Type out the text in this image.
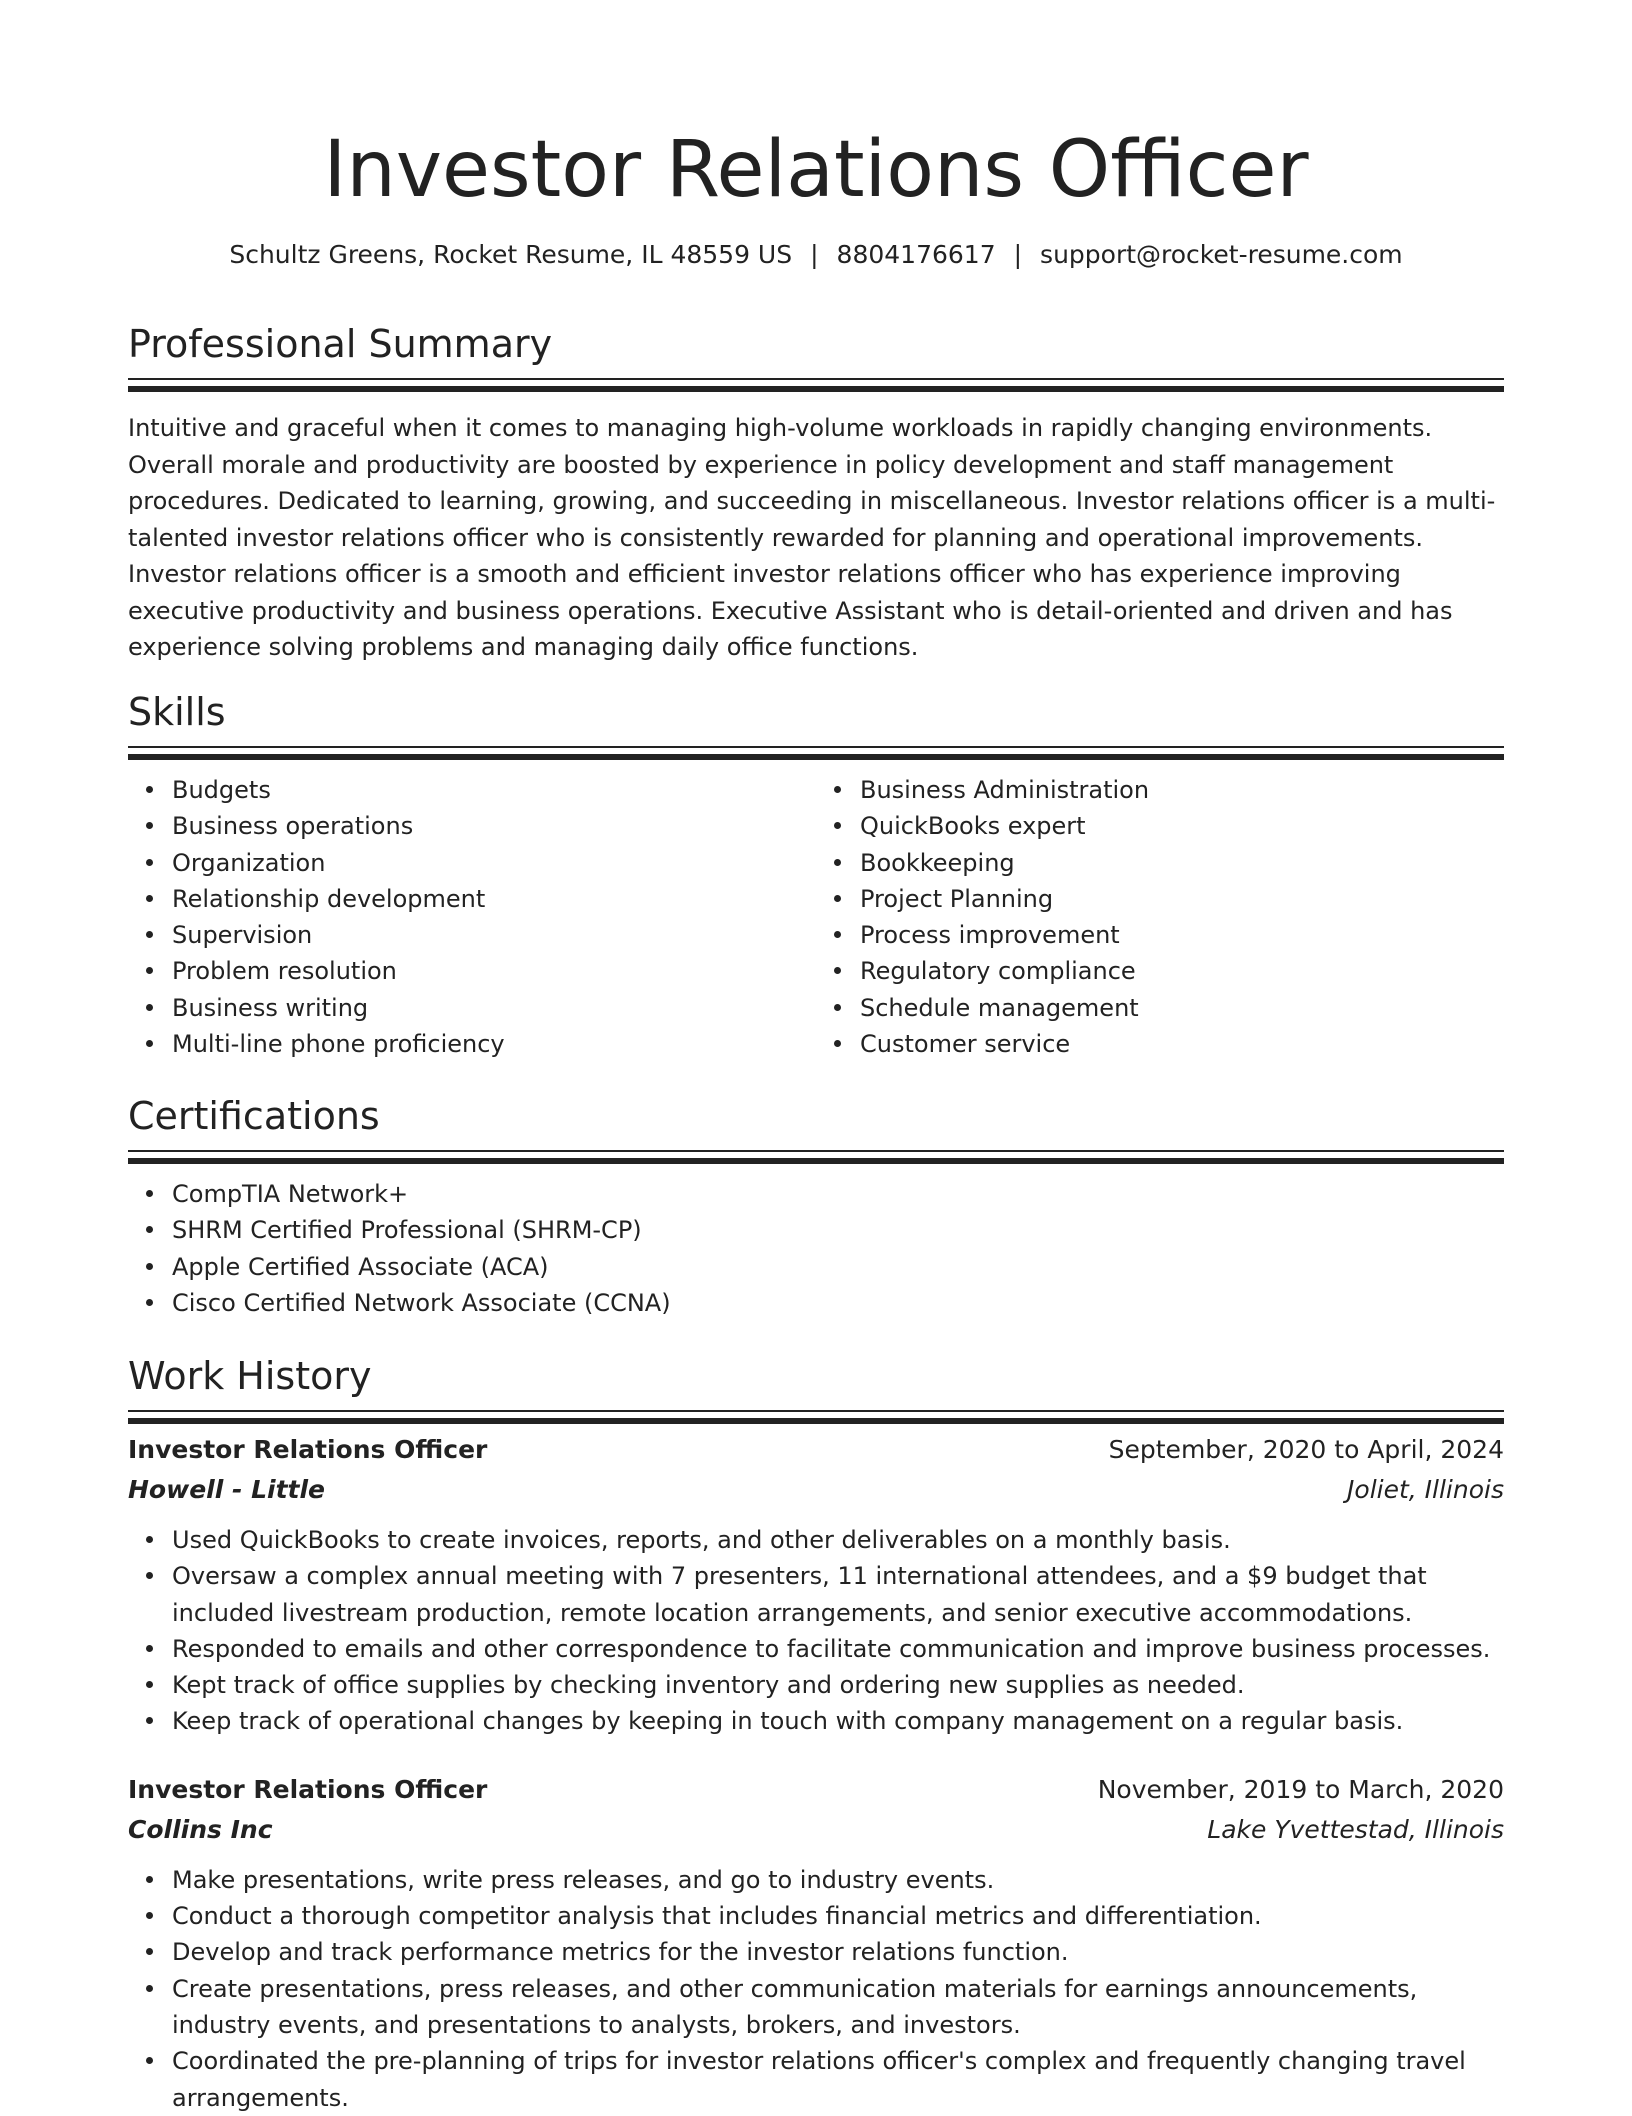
Investor Relations Officer
Schultz Greens, Rocket Resume, IL 48559 US | 8804176617 | support@rocket-resume.com
Professional Summary

Intuitive and graceful when it comes to managing high-volume workloads in rapidly changing environments. Overall morale and productivity are boosted by experience in policy development and staff management procedures. Dedicated to learning, growing, and succeeding in miscellaneous. Investor relations officer is a multi-talented investor relations officer who is consistently rewarded for planning and operational improvements. Investor relations officer is a smooth and efficient investor relations officer who has experience improving executive productivity and business operations. Executive Assistant who is detail-oriented and driven and has experience solving problems and managing daily office functions.

Skills
Budgets
Business operations
Organization
Relationship development
Supervision
Problem resolution
Business writing
Multi-line phone proficiency
Business Administration
QuickBooks expert
Bookkeeping
Project Planning
Process improvement
Regulatory compliance
Schedule management
Customer service
Certifications
CompTIA Network+
SHRM Certified Professional (SHRM-CP)
Apple Certified Associate (ACA)
Cisco Certified Network Associate (CCNA)
Work History
Investor Relations Officer	September, 2020 to April, 2024
Howell - Little	Joliet, Illinois
Used QuickBooks to create invoices, reports, and other deliverables on a monthly basis.
Oversaw a complex annual meeting with 7 presenters, 11 international attendees, and a $9 budget that included livestream production, remote location arrangements, and senior executive accommodations.
Responded to emails and other correspondence to facilitate communication and improve business processes.
Kept track of office supplies by checking inventory and ordering new supplies as needed.
Keep track of operational changes by keeping in touch with company management on a regular basis.
Investor Relations Officer	November, 2019 to March, 2020
Collins Inc	Lake Yvettestad, Illinois
Make presentations, write press releases, and go to industry events.
Conduct a thorough competitor analysis that includes financial metrics and differentiation.
Develop and track performance metrics for the investor relations function.
Create presentations, press releases, and other communication materials for earnings announcements, industry events, and presentations to analysts, brokers, and investors.
Coordinated the pre-planning of trips for investor relations officer's complex and frequently changing travel arrangements.
